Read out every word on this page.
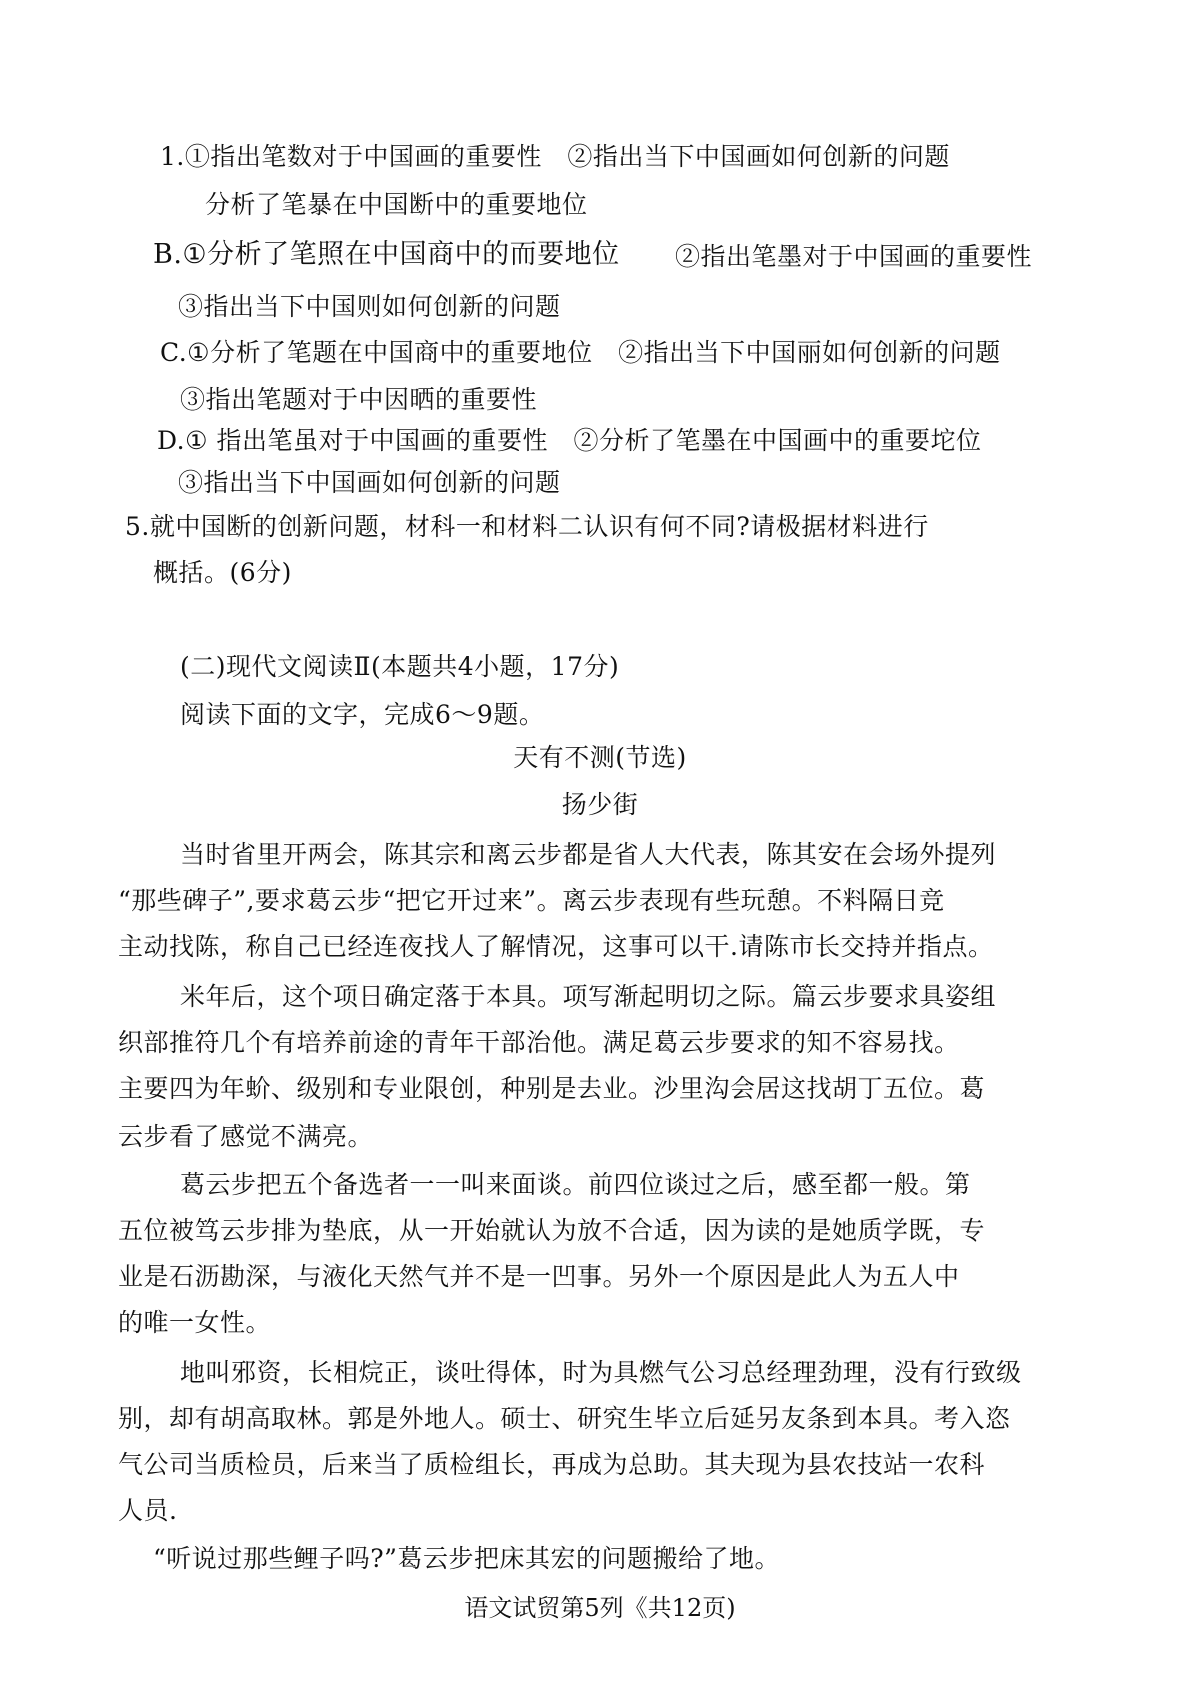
1.①指出笔数对于中国画的重要性　②指出当下中国画如何创新的问题
分析了笔暴在中国断中的重要地位
B.①分析了笔照在中国商中的而要地位 ②指出笔墨对于中国画的重要性
③指出当下中国则如何创新的问题
C.①分析了笔题在中国商中的重要地位　②指出当下中国丽如何创新的问题
③指出笔题对于中因晒的重要性
D.① 指出笔虽对于中国画的重要性　②分析了笔墨在中国画中的重要坨位
③指出当下中国画如何创新的问题
5.就中国断的创新问题，材科一和材料二认识有何不同?请极据材料进行
概括。(6分)
(二)现代文阅读Ⅱ(本题共4小题，17分)
阅读下面的文字，完成6～9题。
天有不测(节选)
扬少街
当时省里开两会，陈其宗和离云步都是省人大代表，陈其安在会场外提列
“那些碑子”,要求葛云步“把它开过来”。离云步表现有些玩憩。不料隔日竞
主动找陈，称自己已经连夜找人了解情况，这事可以干.请陈市长交持并指点。
米年后，这个项日确定落于本具。项写渐起明切之际。篇云步要求具姿组
织部推符几个有培养前途的青年干部治他。满足葛云步要求的知不容易找。
主要四为年蚧、级别和专业限创，种别是去业。沙里沟会居这找胡丁五位。葛
云步看了感觉不满亮。
葛云步把五个备选者一一叫来面谈。前四位谈过之后，感至都一般。第
五位被笃云步排为垫底，从一开始就认为放不合适，因为读的是她质学既，专
业是石沥勘深，与液化天然气并不是一凹事。另外一个原因是此人为五人中
的唯一女性。
地叫邪资，长相烷正，谈吐得体，时为具燃气公习总经理劲理，没有行致级
别，却有胡高取林。郭是外地人。硕士、研究生毕立后延另友条到本具。考入恣
气公司当质检员，后来当了质检组长，再成为总助。其夫现为县农技站一农科
人员.
“听说过那些鲤子吗?”葛云步把床其宏的问题搬给了地。
语文试贸第5列《共12页)
